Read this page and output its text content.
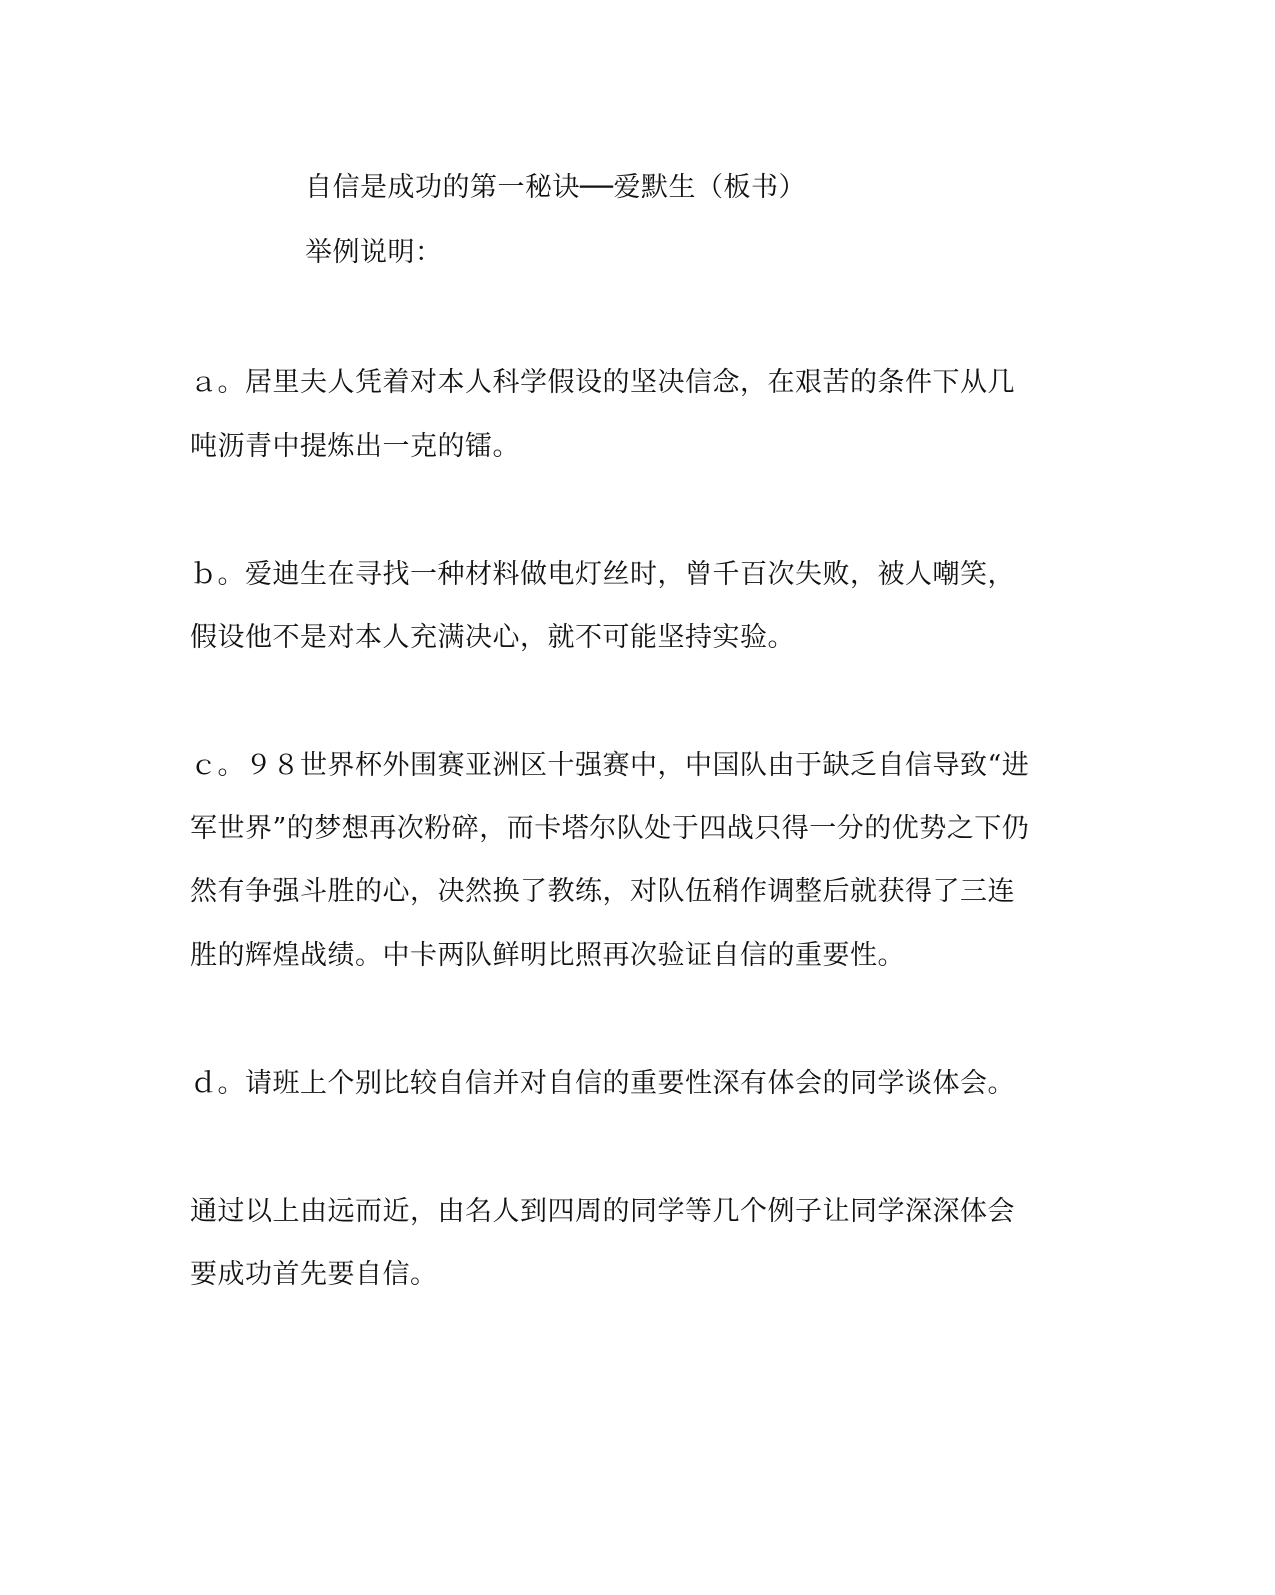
自信是成功的第一秘诀──爱默生（板书）
举例说明：
ａ。居里夫人凭着对本人科学假设的坚决信念，在艰苦的条件下从几
吨沥青中提炼出一克的镭。
ｂ。爱迪生在寻找一种材料做电灯丝时，曾千百次失败，被人嘲笑，
假设他不是对本人充满决心，就不可能坚持实验。
ｃ。９８世界杯外围赛亚洲区十强赛中，中国队由于缺乏自信导致“进
军世界”的梦想再次粉碎，而卡塔尔队处于四战只得一分的优势之下仍
然有争强斗胜的心，决然换了教练，对队伍稍作调整后就获得了三连
胜的辉煌战绩。中卡两队鲜明比照再次验证自信的重要性。
ｄ。请班上个别比较自信并对自信的重要性深有体会的同学谈体会。
通过以上由远而近，由名人到四周的同学等几个例子让同学深深体会
要成功首先要自信。
